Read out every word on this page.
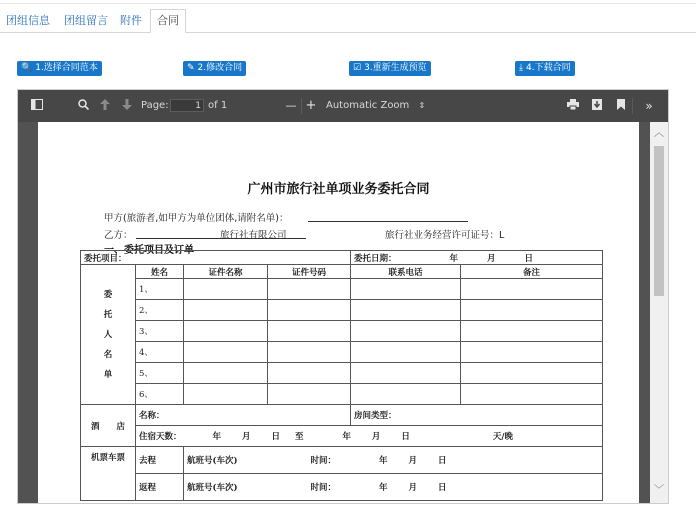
团组信息 团组留言 附件	合同
🔍 1.选择合同范本	✎ 2.修改合同	☑ 3.重新生成预览	⤓ 4.下载合同
Page:	1 of 1	— + Automatic Zoom ⇕	»
广州市旅行社单项业务委托合同
甲方(旅游者,如甲方为单位团体,请附名单)：
乙方：	旅行社有限公司	旅行社业务经营许可证号：L
一、委托项目及订单
委托项目：				委托日期： 年 月 日	

委
托
人
名
单	姓名	证件名称	证件号码	联系电话	备注
	1、				
	2、				
	3、				
	4、				
	5、				
	6、				
酒　　店	名称：			房间类型：	
	住宿天数： 年 月 日 至 年 月 日 天/晚				
机票车票	去程	航班号(车次) 时间： 年 月 日			
	返程	航班号(车次) 时间： 年 月 日			
︿
﹀
